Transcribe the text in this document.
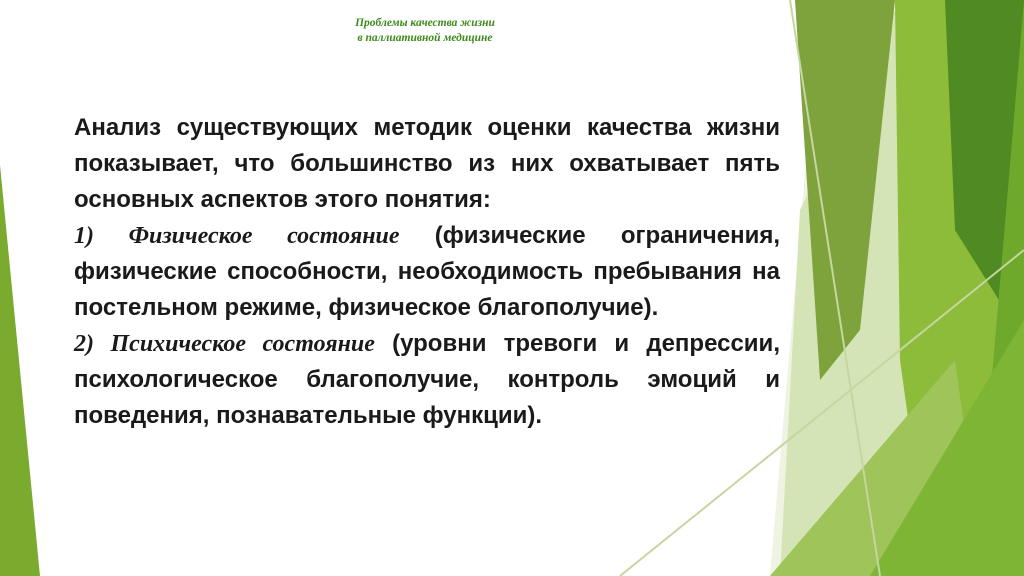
Проблемы качества жизни
в паллиативной медицине

Анализ существующих методик оценки качества жизни показывает, что большинство из них охватывает пять основных аспектов этого понятия:

1) Физическое состояние (физические ограничения, физические способности, необходимость пребывания на постельном режиме, физическое благополучие).

2) Психическое состояние (уровни тревоги и депрессии, психологическое благополучие, контроль эмоций и поведения, познавательные функции).
